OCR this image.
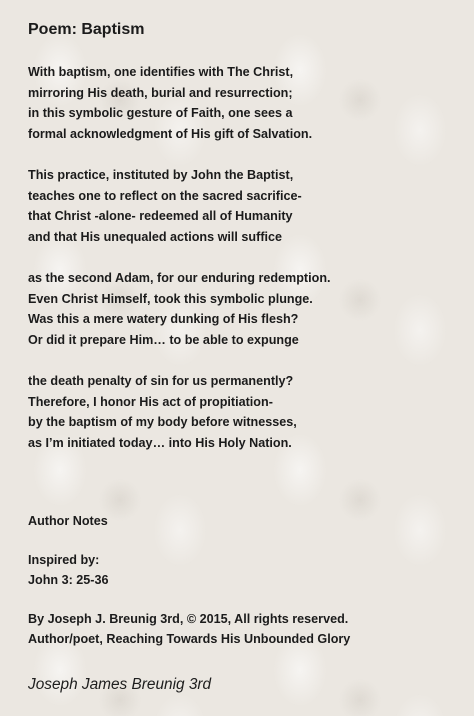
Poem: Baptism
With baptism, one identifies with The Christ,
mirroring His death, burial and resurrection;
in this symbolic gesture of Faith, one sees a
formal acknowledgment of His gift of Salvation.
This practice, instituted by John the Baptist,
teaches one to reflect on the sacred sacrifice-
that Christ -alone- redeemed all of Humanity
and that His unequaled actions will suffice
as the second Adam, for our enduring redemption.
Even Christ Himself, took this symbolic plunge.
Was this a mere watery dunking of His flesh?
Or did it prepare Him… to be able to expunge
the death penalty of sin for us permanently?
Therefore, I honor His act of propitiation-
by the baptism of my body before witnesses,
as I’m initiated today… into His Holy Nation.
Author Notes
Inspired by:
John 3: 25-36
By Joseph J. Breunig 3rd, © 2015, All rights reserved.
Author/poet, Reaching Towards His Unbounded Glory
Joseph James Breunig 3rd
